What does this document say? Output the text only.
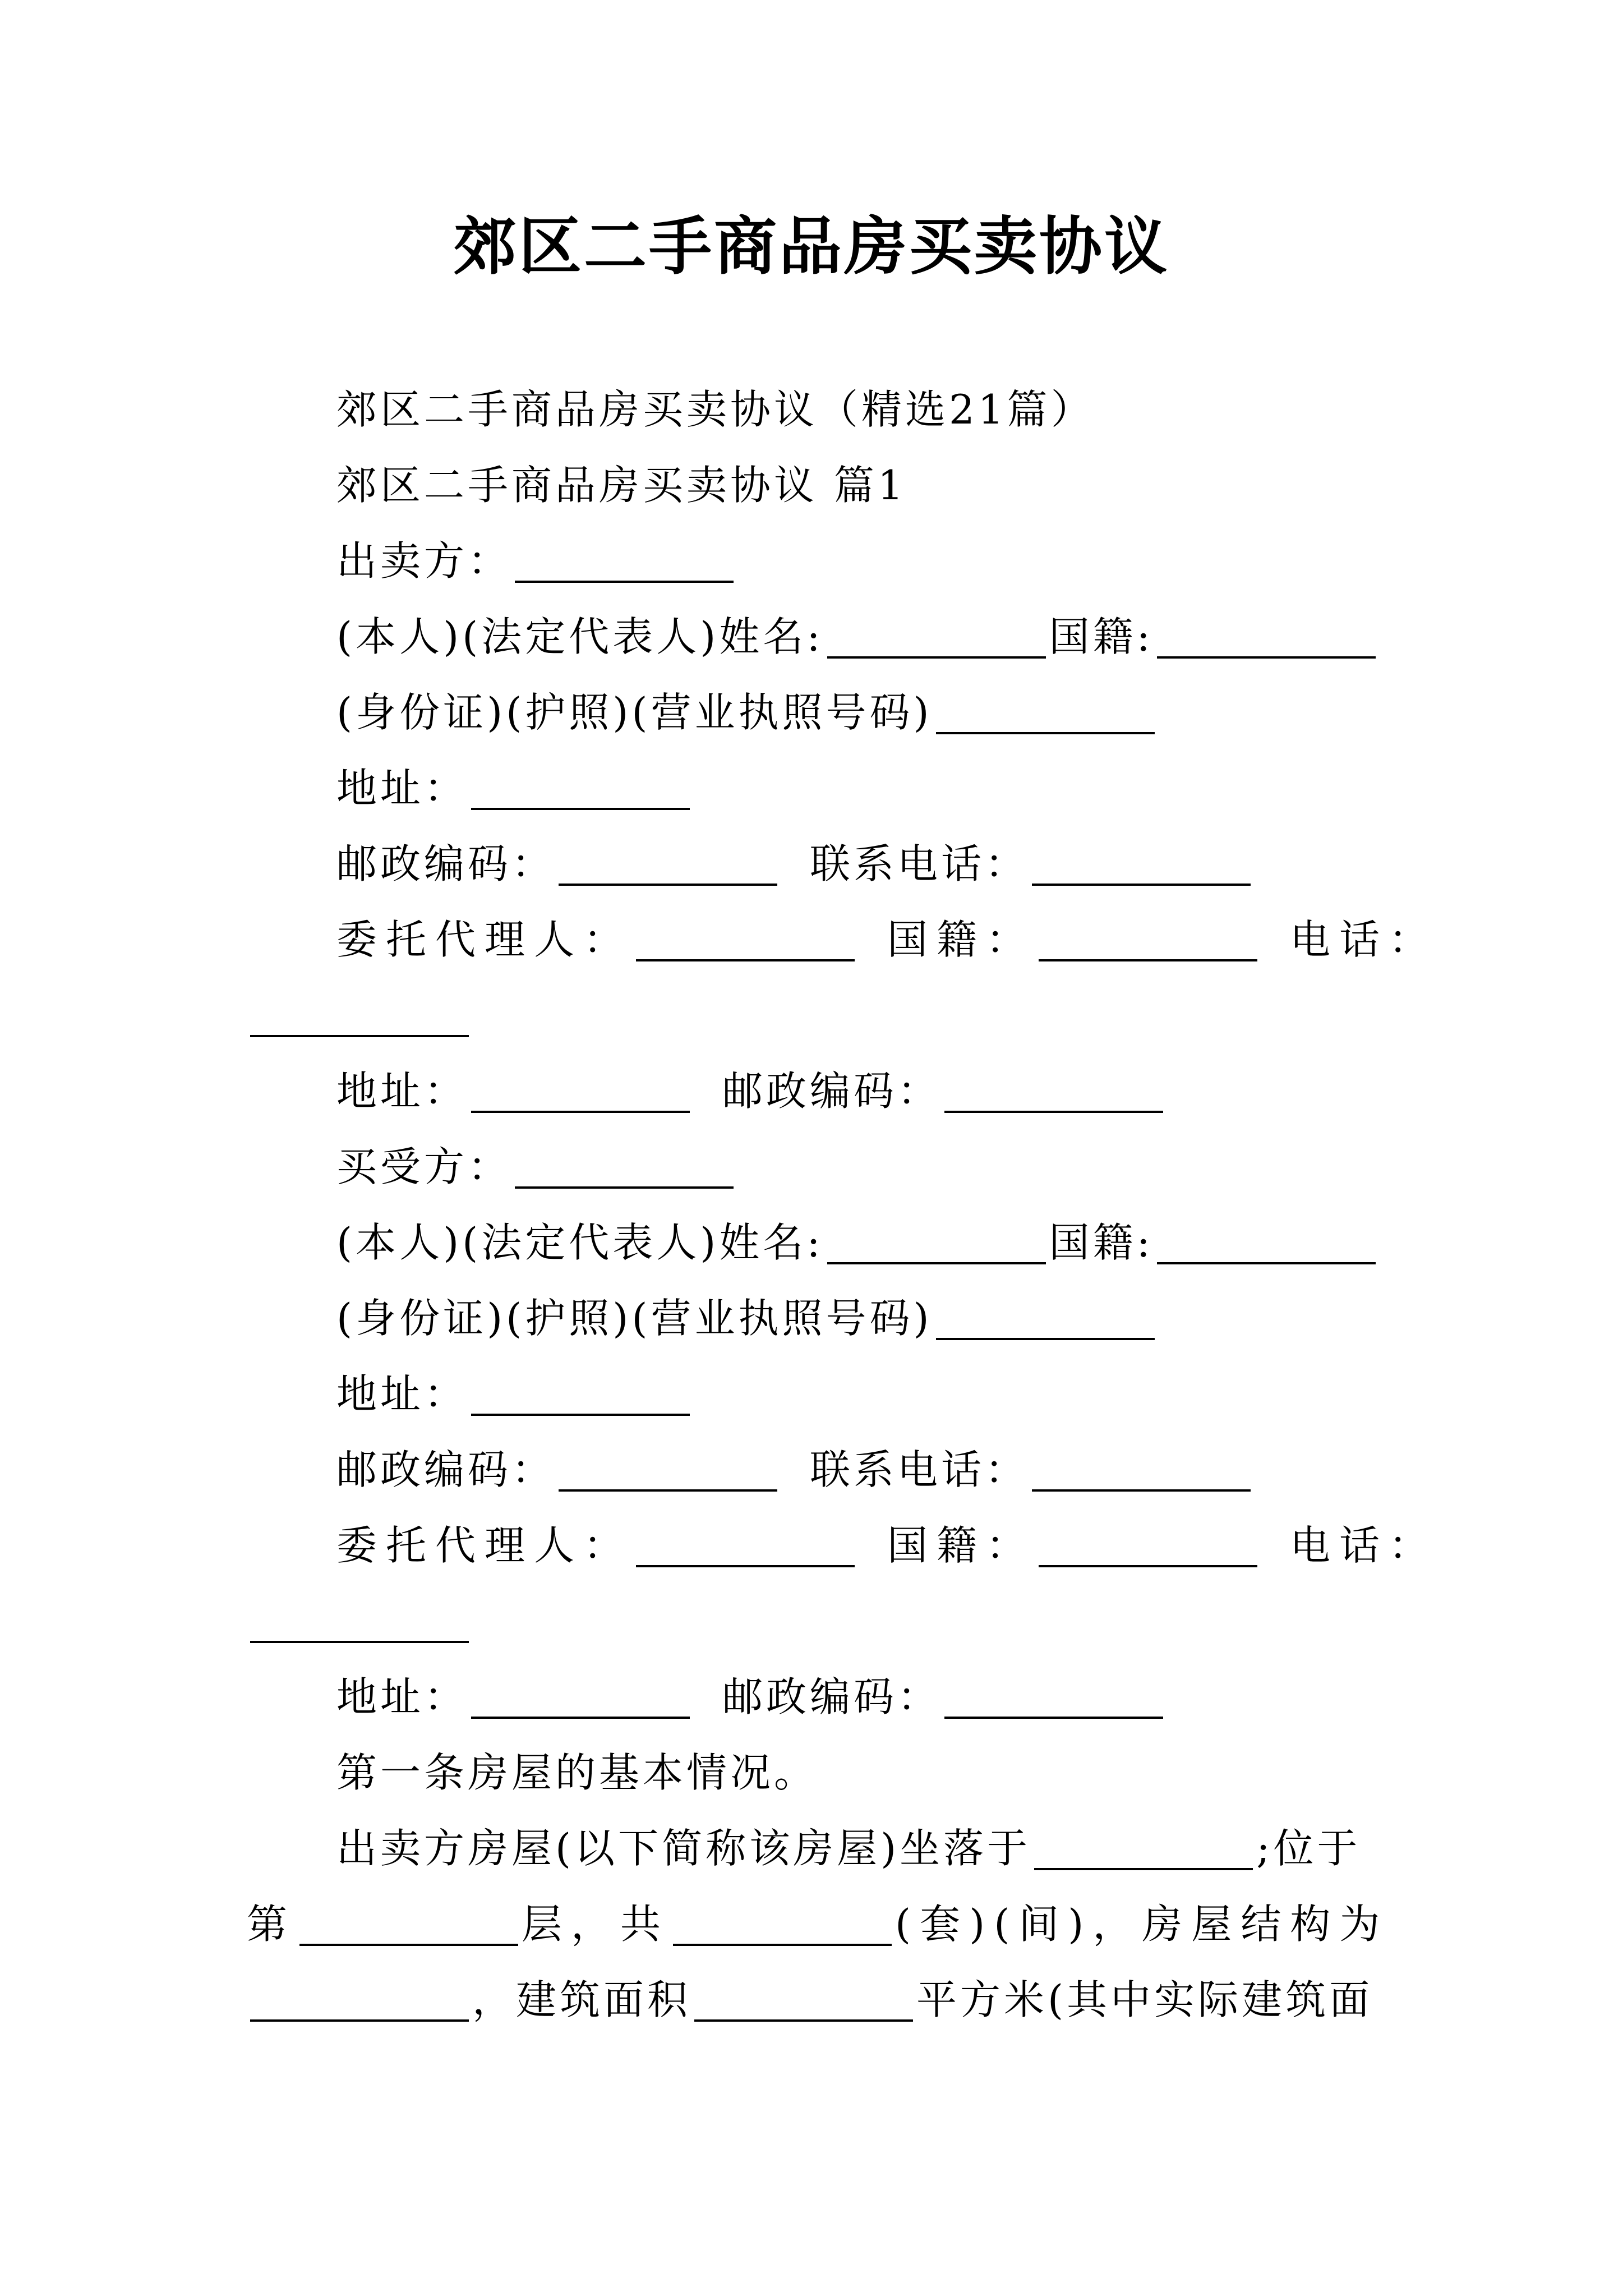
郊区二手商品房买卖协议
郊区二手商品房买卖协议（精选21篇）
郊区二手商品房买卖协议 篇1
出卖方：
(本人)(法定代表人)姓名:	国籍:
(身份证)(护照)(营业执照号码)
地址：
邮政编码：	联系电话：
委托代理人：	国籍：	电话：
地址：	邮政编码：
买受方：
(本人)(法定代表人)姓名:	国籍:
(身份证)(护照)(营业执照号码)
地址：
邮政编码：	联系电话：
委托代理人：	国籍：	电话：
地址：	邮政编码：
第一条房屋的基本情况。
出卖方房屋(以下简称该房屋)坐落于	;位于
第	层，共	(套)(间)，房屋结构为
，建筑面积	平方米(其中实际建筑面
